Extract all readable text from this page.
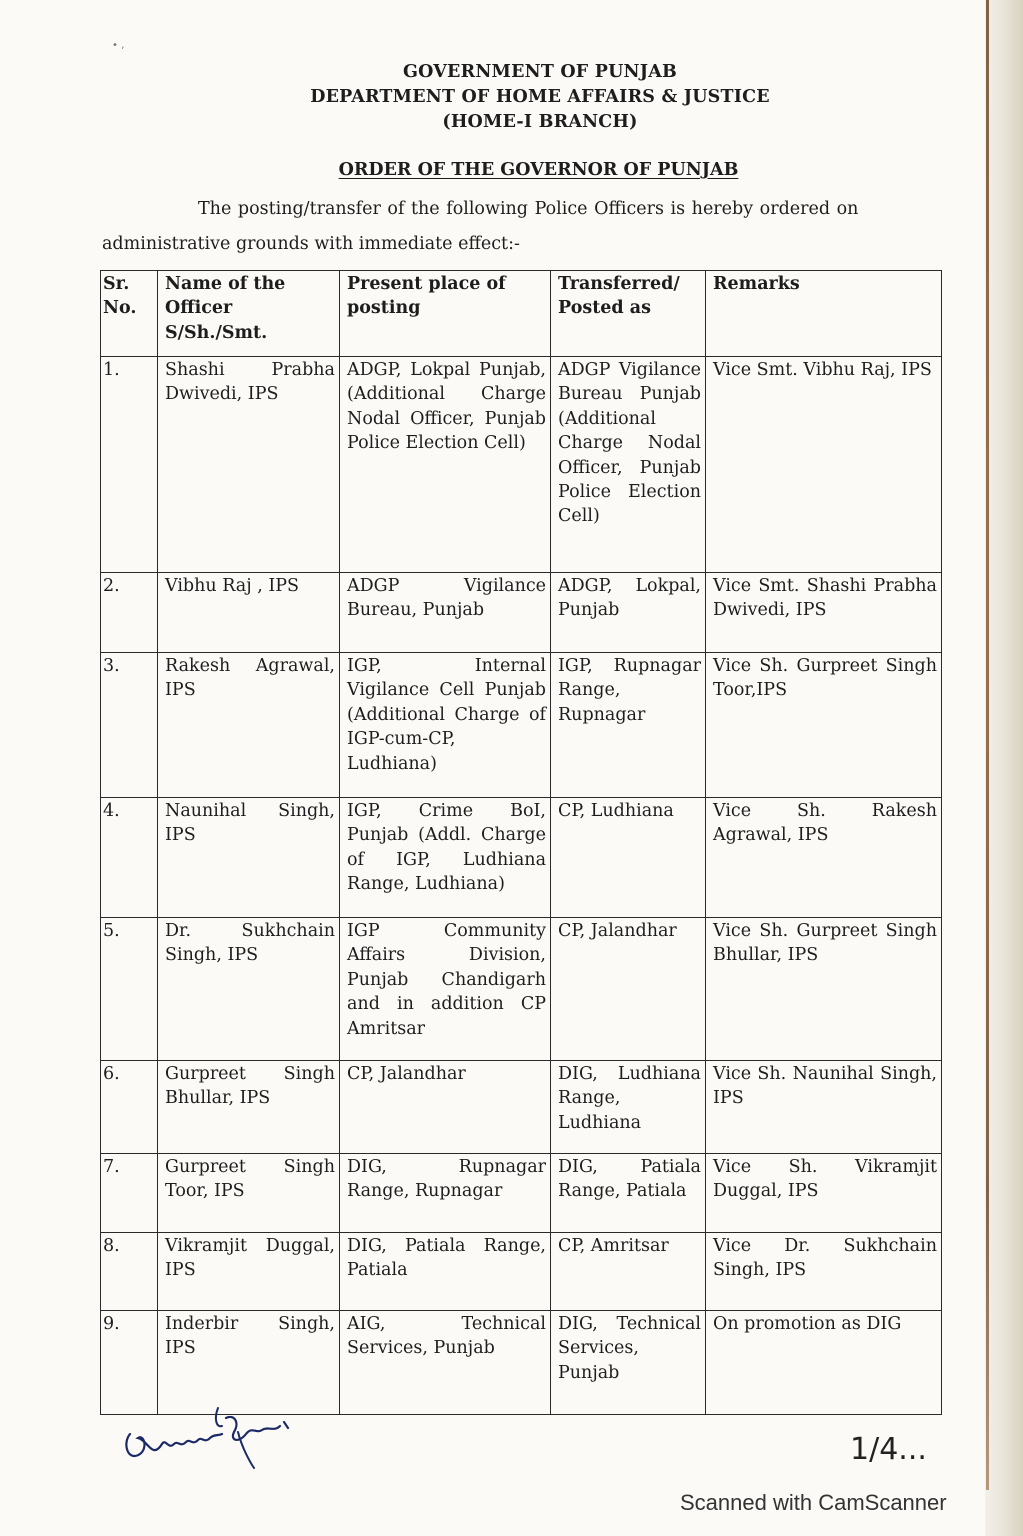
• ‚
GOVERNMENT OF PUNJAB
DEPARTMENT OF HOME AFFAIRS & JUSTICE
(HOME-I BRANCH)
ORDER OF THE GOVERNOR OF PUNJAB
The posting/transfer of the following Police Officers is hereby ordered on
administrative grounds with immediate effect:-
Sr. No.	Name of the Officer S/Sh./Smt.	Present place of posting	Transferred/ Posted as	Remarks
1.	Shashi Prabha Dwivedi, IPS	ADGP, Lokpal Punjab, (Additional Charge Nodal Officer, Punjab Police Election Cell)	ADGP Vigilance Bureau Punjab (Additional Charge Nodal Officer, Punjab Police Election Cell)	Vice Smt. Vibhu Raj, IPS
2.	Vibhu Raj , IPS	ADGP Vigilance Bureau, Punjab	ADGP, Lokpal, Punjab	Vice Smt. Shashi Prabha Dwivedi, IPS
3.	Rakesh Agrawal, IPS	IGP, Internal Vigilance Cell Punjab (Additional Charge of IGP-cum-CP, Ludhiana)	IGP, Rupnagar Range, Rupnagar	Vice Sh. Gurpreet Singh Toor,IPS
4.	Naunihal Singh, IPS	IGP, Crime BoI, Punjab (Addl. Charge of IGP, Ludhiana Range, Ludhiana)	CP, Ludhiana	Vice Sh. Rakesh Agrawal, IPS
5.	Dr. Sukhchain Singh, IPS	IGP Community Affairs Division, Punjab Chandigarh and in addition CP Amritsar	CP, Jalandhar	Vice Sh. Gurpreet Singh Bhullar, IPS
6.	Gurpreet Singh Bhullar, IPS	CP, Jalandhar	DIG, Ludhiana Range, Ludhiana	Vice Sh. Naunihal Singh, IPS
7.	Gurpreet Singh Toor, IPS	DIG, Rupnagar Range, Rupnagar	DIG, Patiala Range, Patiala	Vice Sh. Vikramjit Duggal, IPS
8.	Vikramjit Duggal, IPS	DIG, Patiala Range, Patiala	CP, Amritsar	Vice Dr. Sukhchain Singh, IPS
9.	Inderbir Singh, IPS	AIG, Technical Services, Punjab	DIG, Technical Services, Punjab	On promotion as DIG
1/4...
Scanned with CamScanner
